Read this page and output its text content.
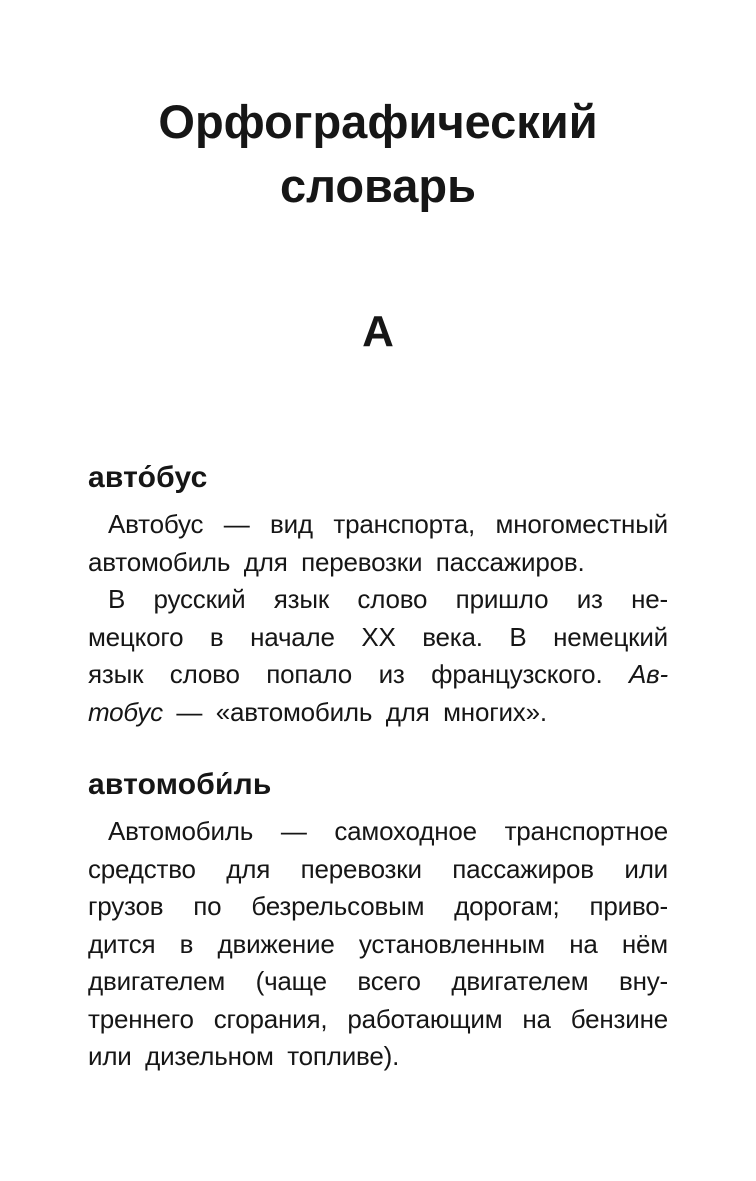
Орфографический словарь
А
авто́бус

Автобус — вид транспорта, многоместный
автомобиль для перевозки пассажиров.

В русский язык слово пришло из не-
мецкого в начале XX века. В немецкий
язык слово попало из французского. Ав-
тобус — «автомобиль для многих».

автомоби́ль

Автомобиль — самоходное транспортное
средство для перевозки пассажиров или
грузов по безрельсовым дорогам; приво-
дится в движение установленным на нём
двигателем (чаще всего двигателем вну-
треннего сгорания, работающим на бензине
или дизельном топливе).
